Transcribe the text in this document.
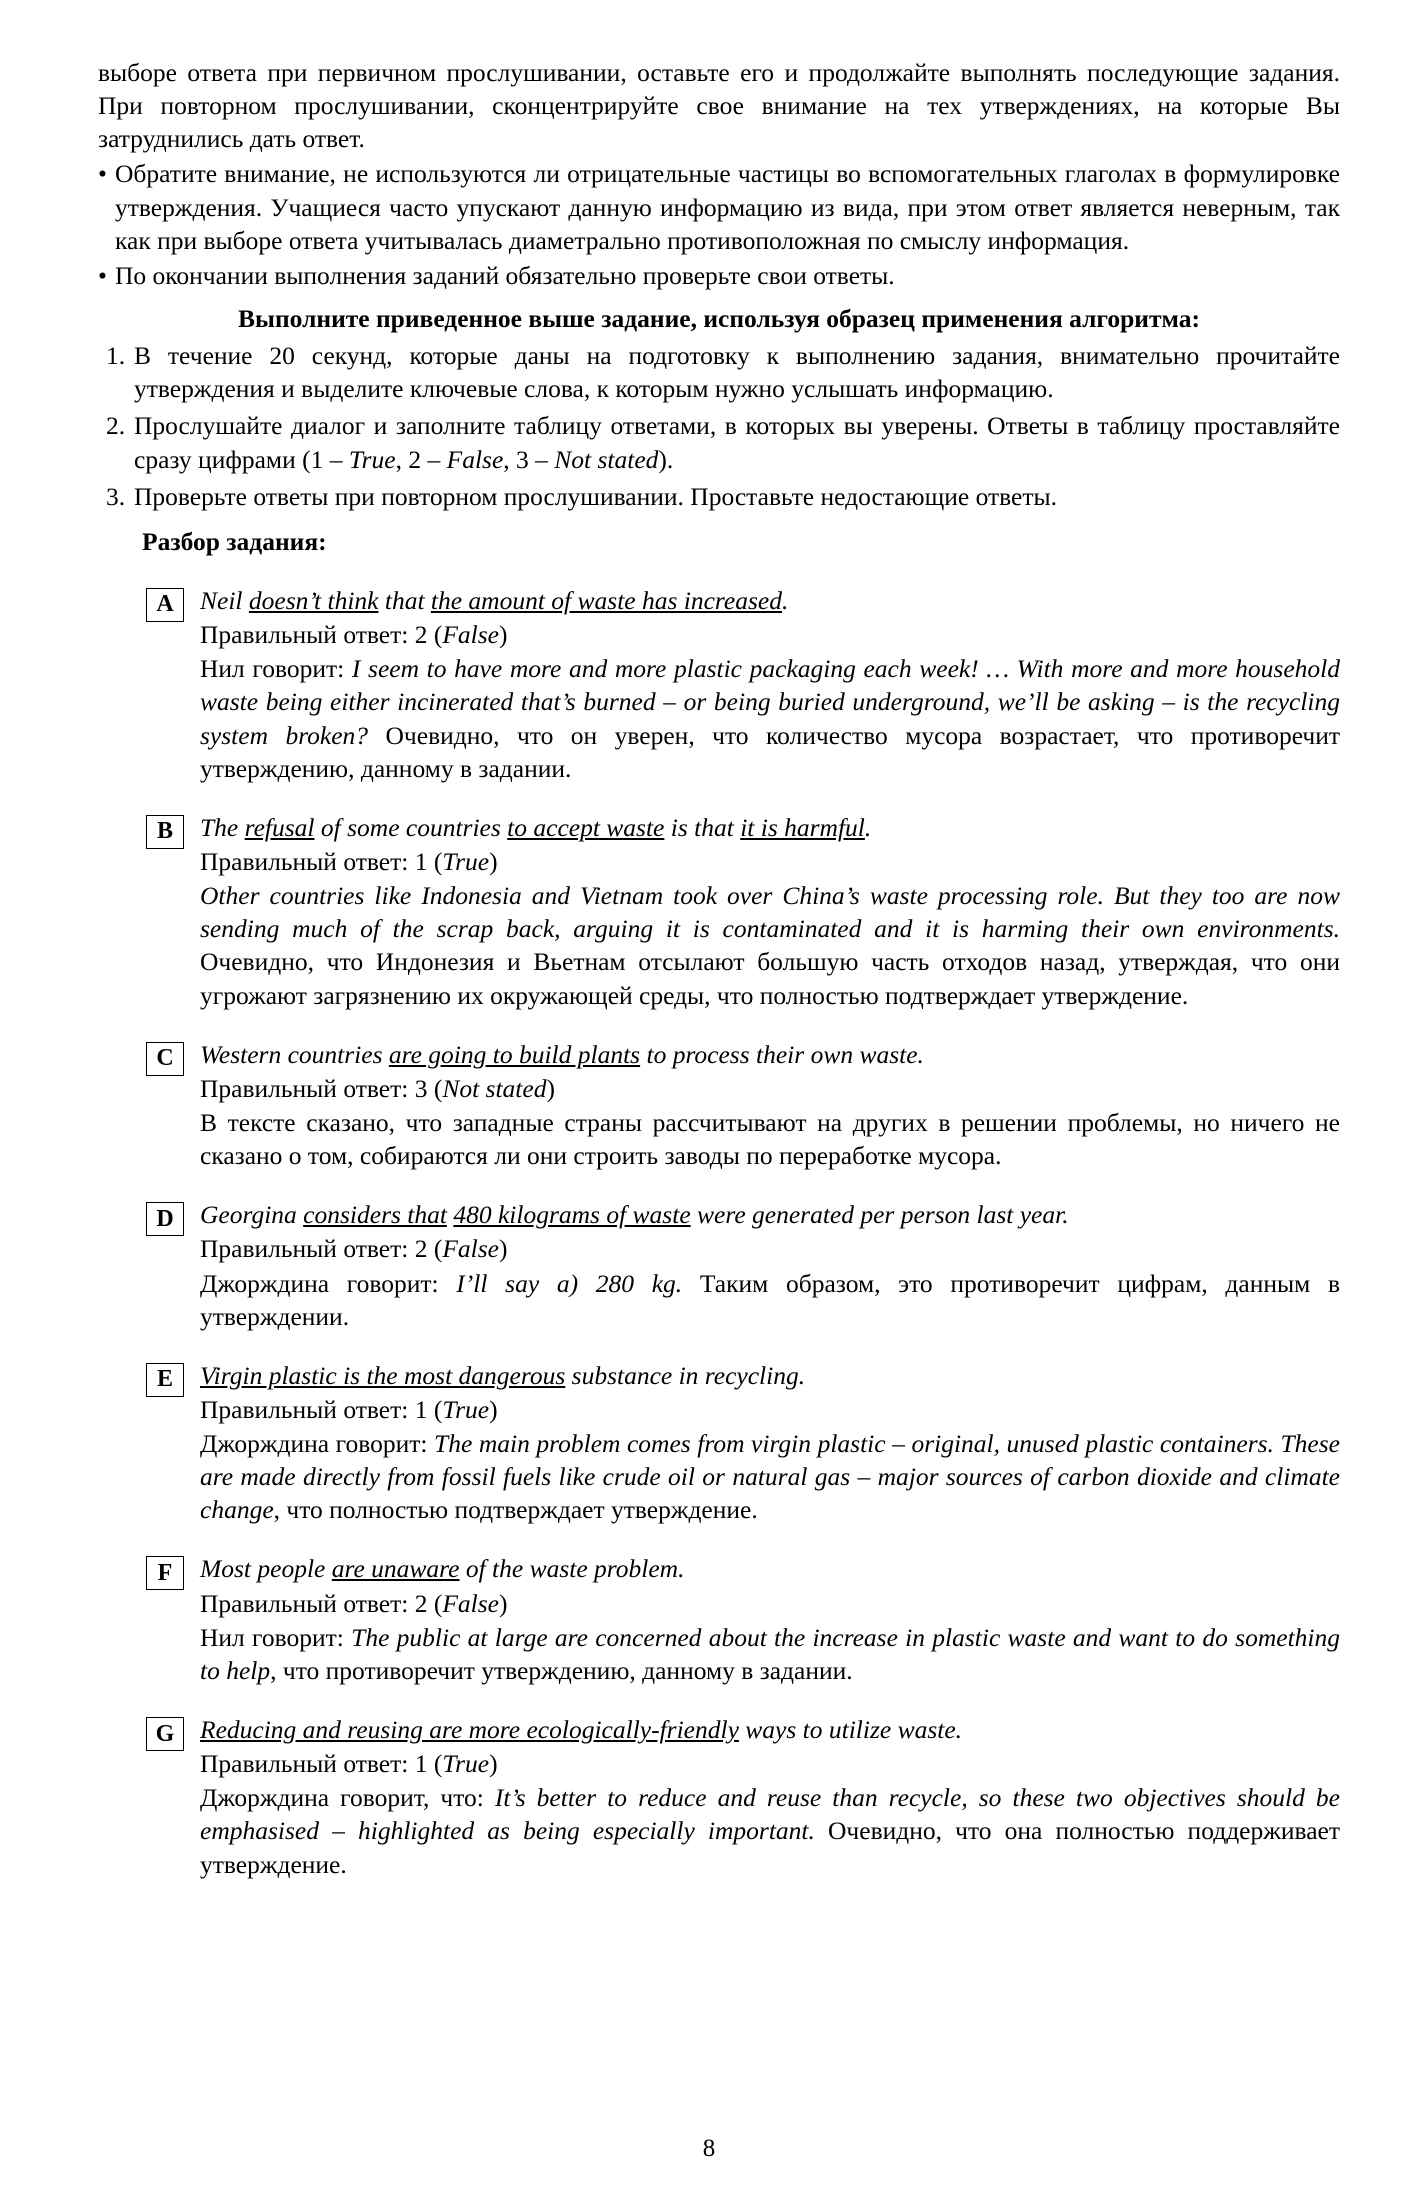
выборе ответа при первичном прослушивании, оставьте его и продолжайте выполнять последующие задания. При повторном прослушивании, сконцентрируйте свое внимание на тех утверждениях, на которые Вы затруднились дать ответ.

• Обратите внимание, не используются ли отрицательные частицы во вспомогательных глаголах в формулировке утверждения. Учащиеся часто упускают данную информацию из вида, при этом ответ является неверным, так как при выборе ответа учитывалась диаметрально противоположная по смыслу информация.

• По окончании выполнения заданий обязательно проверьте свои ответы.

Выполните приведенное выше задание, используя образец применения алгоритма:

1. В течение 20 секунд, которые даны на подготовку к выполнению задания, внимательно прочитайте утверждения и выделите ключевые слова, к которым нужно услышать информацию.

2. Прослушайте диалог и заполните таблицу ответами, в которых вы уверены. Ответы в таблицу проставляйте сразу цифрами (1 – True, 2 – False, 3 – Not stated).

3. Проверьте ответы при повторном прослушивании. Проставьте недостающие ответы.

Разбор задания:

A	Neil doesn’t think that the amount of waste has increased.

Правильный ответ: 2 (False)

Нил говорит: I seem to have more and more plastic packaging each week! … With more and more household waste being either incinerated that’s burned – or being buried underground, we’ll be asking – is the recycling system broken? Очевидно, что он уверен, что количество мусора возрастает, что противоречит утверждению, данному в задании.

B	The refusal of some countries to accept waste is that it is harmful.

Правильный ответ: 1 (True)

Other countries like Indonesia and Vietnam took over China’s waste processing role. But they too are now sending much of the scrap back, arguing it is contaminated and it is harming their own environments. Очевидно, что Индонезия и Вьетнам отсылают большую часть отходов назад, утверждая, что они угрожают загрязнению их окружающей среды, что полностью подтверждает утверждение.

C	Western countries are going to build plants to process their own waste.

Правильный ответ: 3 (Not stated)

В тексте сказано, что западные страны рассчитывают на других в решении проблемы, но ничего не сказано о том, собираются ли они строить заводы по переработке мусора.

D	Georgina considers that 480 kilograms of waste were generated per person last year.

Правильный ответ: 2 (False)

Джорждина говорит: I’ll say a) 280 kg. Таким образом, это противоречит цифрам, данным в утверждении.

E	Virgin plastic is the most dangerous substance in recycling.

Правильный ответ: 1 (True)

Джорждина говорит: The main problem comes from virgin plastic – original, unused plastic containers. These are made directly from fossil fuels like crude oil or natural gas – major sources of carbon dioxide and climate change, что полностью подтверждает утверждение.

F	Most people are unaware of the waste problem.

Правильный ответ: 2 (False)

Нил говорит: The public at large are concerned about the increase in plastic waste and want to do something to help, что противоречит утверждению, данному в задании.

G	Reducing and reusing are more ecologically-friendly ways to utilize waste.

Правильный ответ: 1 (True)

Джорждина говорит, что: It’s better to reduce and reuse than recycle, so these two objectives should be emphasised – highlighted as being especially important. Очевидно, что она полностью поддерживает утверждение.

8
